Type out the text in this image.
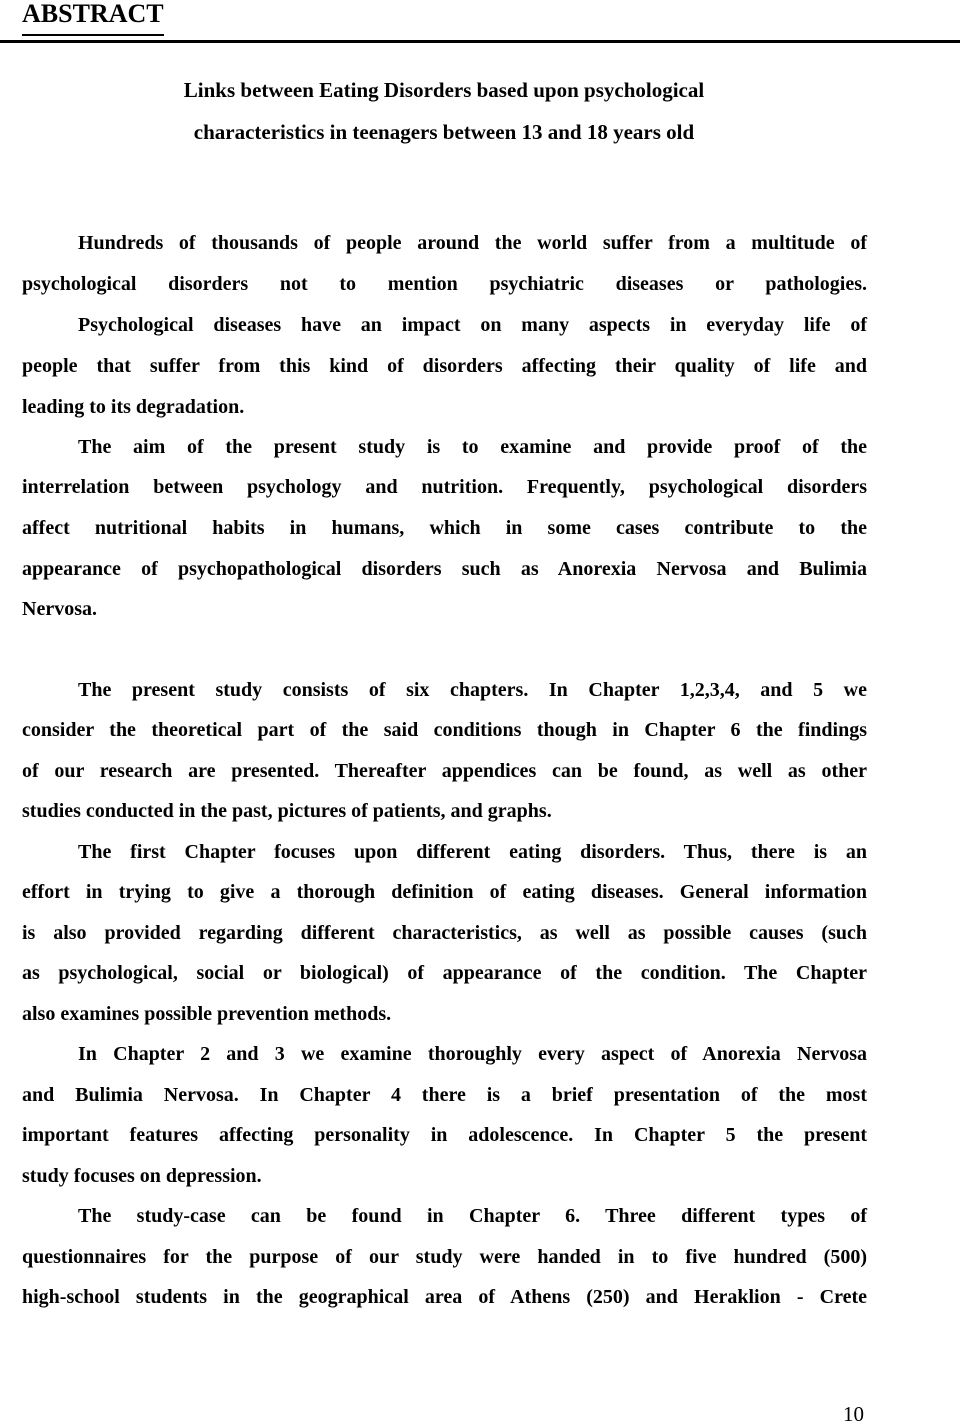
ABSTRACT
Links between Eating Disorders based upon psychological
characteristics in teenagers between 13 and 18 years old
Hundreds of thousands of people around the world suffer from a multitude of
psychological disorders not to mention psychiatric diseases or pathologies.
Psychological diseases have an impact on many aspects in everyday life of
people that suffer from this kind of disorders affecting their quality of life and
leading to its degradation.
The aim of the present study is to examine and provide proof of the
interrelation between psychology and nutrition. Frequently, psychological disorders
affect nutritional habits in humans, which in some cases contribute to the
appearance of psychopathological disorders such as Anorexia Nervosa and Bulimia
Nervosa.
The present study consists of six chapters. In Chapter 1,2,3,4, and 5 we
consider the theoretical part of the said conditions though in Chapter 6 the findings
of our research are presented. Thereafter appendices can be found, as well as other
studies conducted in the past, pictures of patients, and graphs.
The first Chapter focuses upon different eating disorders. Thus, there is an
effort in trying to give a thorough definition of eating diseases. General information
is also provided regarding different characteristics, as well as possible causes (such
as psychological, social or biological) of appearance of the condition. The Chapter
also examines possible prevention methods.
In Chapter 2 and 3 we examine thoroughly every aspect of Anorexia Nervosa
and Bulimia Nervosa. In Chapter 4 there is a brief presentation of the most
important features affecting personality in adolescence. In Chapter 5 the present
study focuses on depression.
The study-case can be found in Chapter 6. Three different types of
questionnaires for the purpose of our study were handed in to five hundred (500)
high-school students in the geographical area of Athens (250) and Heraklion - Crete
10
